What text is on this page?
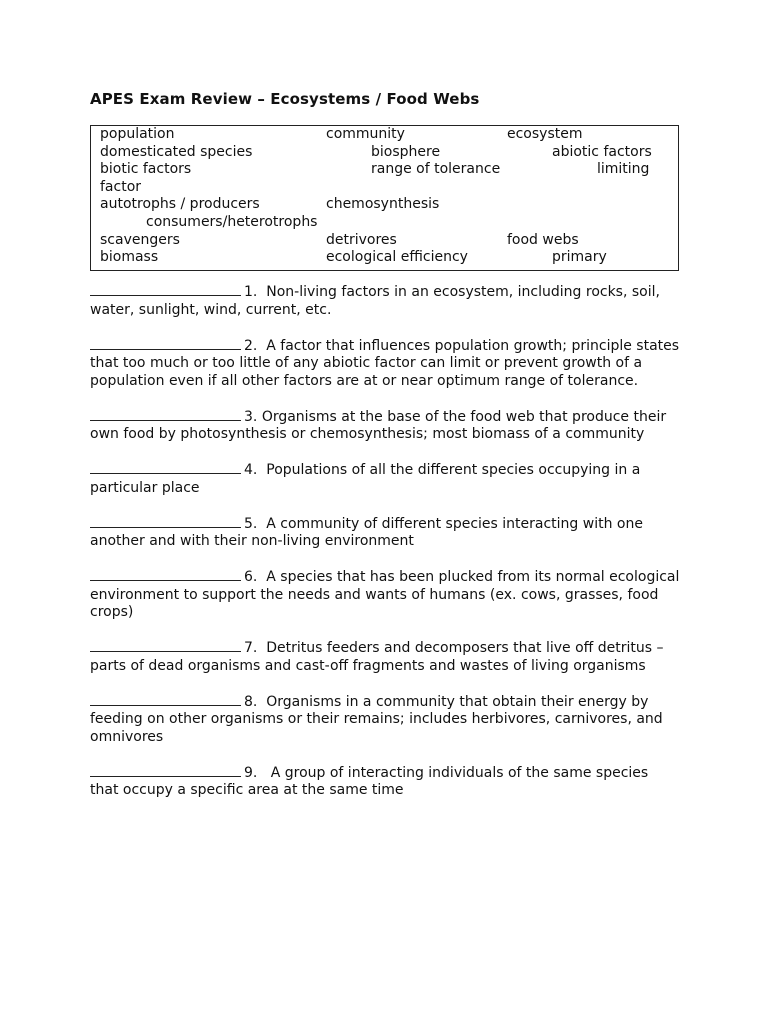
APES Exam Review – Ecosystems / Food Webs
population	community	ecosystem
domesticated species	biosphere	abiotic factors
biotic factors	range of tolerance	limiting
factor
autotrophs / producers	chemosynthesis
consumers/heterotrophs
scavengers	detrivores	food webs
biomass	ecological efficiency	primary

1. Non-living factors in an ecosystem, including rocks, soil, water, sunlight, wind, current, etc.

2. A factor that influences population growth; principle states that too much or too little of any abiotic factor can limit or prevent growth of a population even if all other factors are at or near optimum range of tolerance.

3. Organisms at the base of the food web that produce their own food by photosynthesis or chemosynthesis; most biomass of a community

4. Populations of all the different species occupying in a particular place

5. A community of different species interacting with one another and with their non-living environment

6. A species that has been plucked from its normal ecological environment to support the needs and wants of humans (ex. cows, grasses, food crops)

7. Detritus feeders and decomposers that live off detritus – parts of dead organisms and cast-off fragments and wastes of living organisms

8. Organisms in a community that obtain their energy by feeding on other organisms or their remains; includes herbivores, carnivores, and omnivores

9. A group of interacting individuals of the same species that occupy a specific area at the same time
